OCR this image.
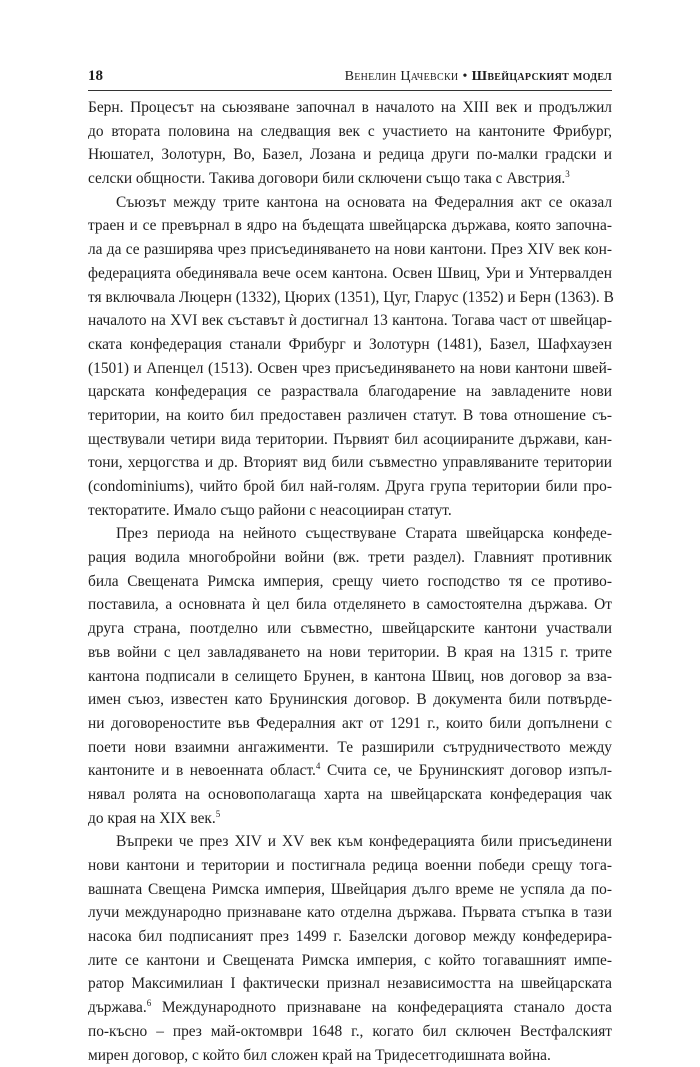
18	Венелин Цачевски • Швейцарският модел
Берн. Процесът на сьюзяване започнал в началото на XIII век и продължил
до втората половина на следващия век с участието на кантоните Фрибург,
Нюшател, Золотурн, Во, Базел, Лозана и редица други по-малки градски и
селски общности. Такива договори били сключени също така с Австрия.$^3$
Съюзът между трите кантона на основата на Федералния акт се оказал
траен и се превърнал в ядро на бъдещата швейцарска държава, която започна-
ла да се разширява чрез присъединяването на нови кантони. През XIV век кон-
федерацията обединявала вече осем кантона. Освен Швиц, Ури и Унтервалден
тя включвала Люцерн (1332), Цюрих (1351), Цуг, Гларус (1352) и Берн (1363). В
началото на XVI век съставът ѝ достигнал 13 кантона. Тогава част от швейцар-
ската конфедерация станали Фрибург и Золотурн (1481), Базел, Шафхаузен
(1501) и Апенцел (1513). Освен чрез присъединяването на нови кантони швей-
царската конфедерация се разраствала благодарение на завладените нови
територии, на които бил предоставен различен статут. В това отношение съ-
ществували четири вида територии. Първият бил асоциираните държави, кан-
тони, херцогства и др. Вторият вид били съвместно управляваните територии
(condominiums), чийто брой бил най-голям. Друга група територии били про-
текторатите. Имало също райони с неасоцииран статут.
През периода на нейното съществуване Старата швейцарска конфеде-
рация водила многобройни войни (вж. трети раздел). Главният противник
била Свещената Римска империя, срещу чието господство тя се противо-
поставила, а основната ѝ цел била отделянето в самостоятелна държава. От
друга страна, поотделно или съвместно, швейцарските кантони участвали
във войни с цел завладяването на нови територии. В края на 1315 г. трите
кантона подписали в селището Брунен, в кантона Швиц, нов договор за вза-
имен съюз, известен като Брунинския договор. В документа били потвърде-
ни договореностите във Федералния акт от 1291 г., които били допълнени с
поети нови взаимни ангажименти. Те разширили сътрудничеството между
кантоните и в невоенната област.$^4$ Счита се, че Брунинският договор изпъл-
нявал ролята на основополагаща харта на швейцарската конфедерация чак
до края на XIX век.$^5$
Въпреки че през XIV и XV век към конфедерацията били присъединени
нови кантони и територии и постигнала редица военни победи срещу тога-
вашната Свещена Римска империя, Швейцария дълго време не успяла да по-
лучи международно признаване като отделна държава. Първата стъпка в тази
насока бил подписаният през 1499 г. Базелски договор между конфедерира-
лите се кантони и Свещената Римска империя, с който тогавашният импе-
ратор Максимилиан I фактически признал независимостта на швейцарската
държава.$^6$ Международното признаване на конфедерацията станало доста
по-късно – през май-октомври 1648 г., когато бил сключен Вестфалският
мирен договор, с който бил сложен край на Тридесетгодишната война.
